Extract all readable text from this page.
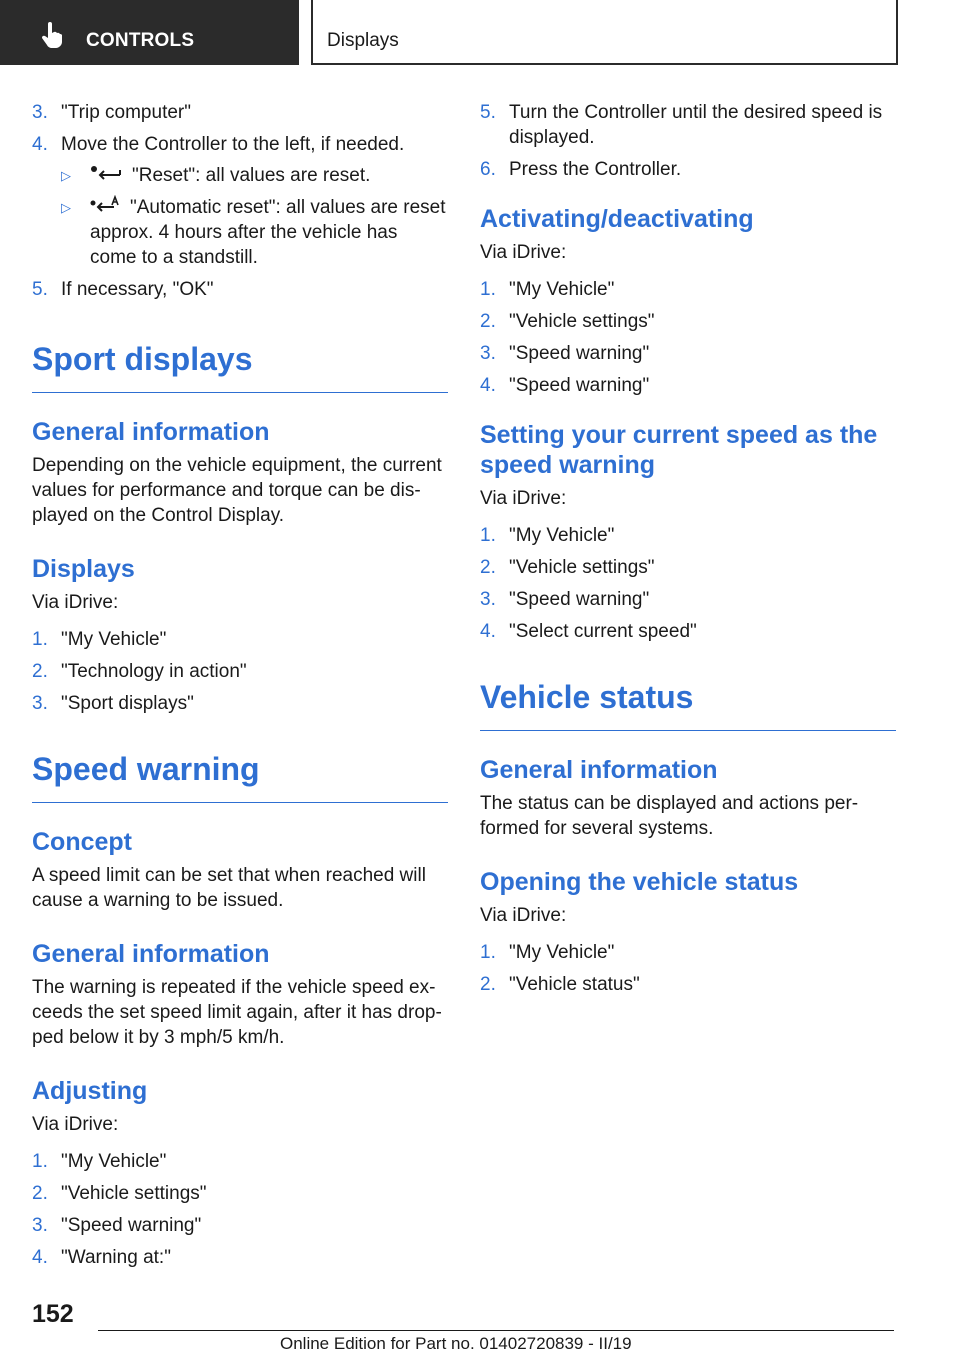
CONTROLS	Displays
3. "Trip computer"
4. Move the Controller to the left, if needed.
▷	"Reset": all values are reset.
▷	"Automatic reset": all values are reset approx. 4 hours after the vehicle has come to a standstill.
5. If necessary, "OK"
Sport displays
General information

Depending on the vehicle equipment, the current values for performance and torque can be dis-played on the Control Display.

Displays

Via iDrive:

1. "My Vehicle"
2. "Technology in action"
3. "Sport displays"
Speed warning
Concept

A speed limit can be set that when reached will cause a warning to be issued.

General information

The warning is repeated if the vehicle speed ex-ceeds the set speed limit again, after it has drop-ped below it by 3 mph/5 km/h.

Adjusting

Via iDrive:

1. "My Vehicle"
2. "Vehicle settings"
3. "Speed warning"
4. "Warning at:"
5. Turn the Controller until the desired speed is displayed.
6. Press the Controller.
Activating/deactivating

Via iDrive:

1. "My Vehicle"
2. "Vehicle settings"
3. "Speed warning"
4. "Speed warning"
Setting your current speed as the speed warning

Via iDrive:

1. "My Vehicle"
2. "Vehicle settings"
3. "Speed warning"
4. "Select current speed"
Vehicle status
General information

The status can be displayed and actions per-formed for several systems.

Opening the vehicle status

Via iDrive:

1. "My Vehicle"
2. "Vehicle status"
152
Online Edition for Part no. 01402720839 - II/19
